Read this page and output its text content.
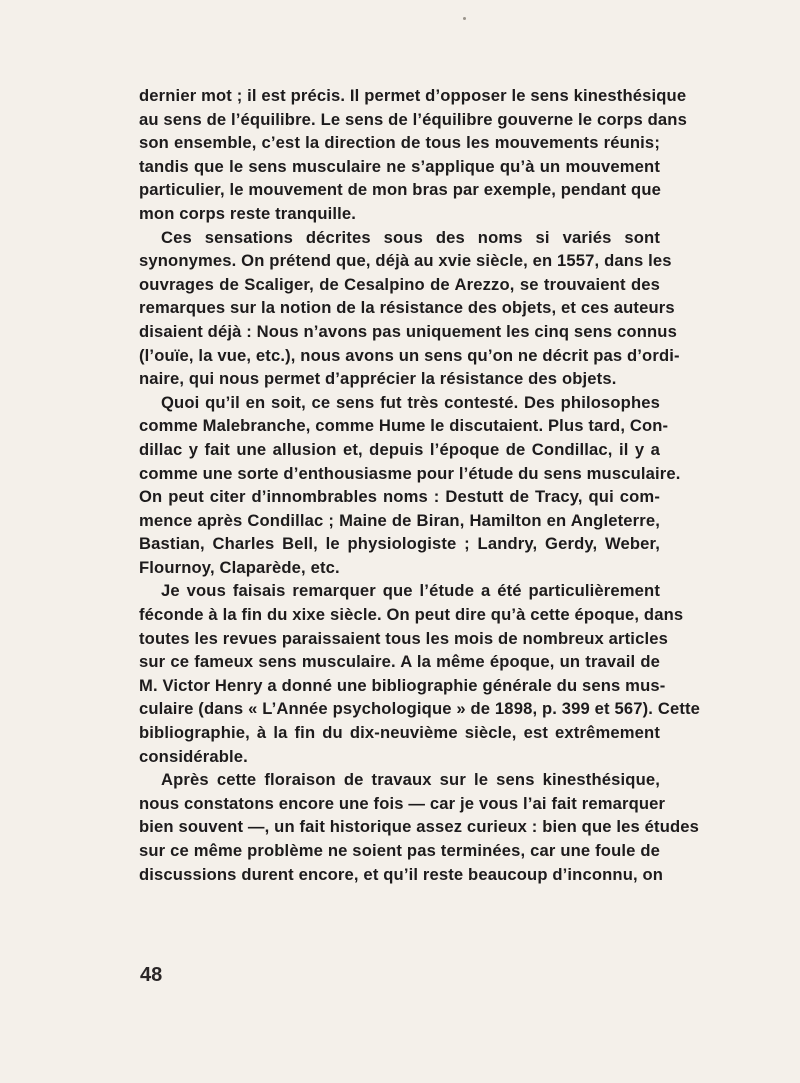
dernier mot ; il est précis. Il permet d’opposer le sens kinesthésique
au sens de l’équilibre. Le sens de l’équilibre gouverne le corps dans
son ensemble, c’est la direction de tous les mouvements réunis;
tandis que le sens musculaire ne s’applique qu’à un mouvement
particulier, le mouvement de mon bras par exemple, pendant que
mon corps reste tranquille.
Ces sensations décrites sous des noms si variés sont
synonymes. On prétend que, déjà au xvie siècle, en 1557, dans les
ouvrages de Scaliger, de Cesalpino de Arezzo, se trouvaient des
remarques sur la notion de la résistance des objets, et ces auteurs
disaient déjà : Nous n’avons pas uniquement les cinq sens connus
(l’ouïe, la vue, etc.), nous avons un sens qu’on ne décrit pas d’ordi-
naire, qui nous permet d’apprécier la résistance des objets.
Quoi qu’il en soit, ce sens fut très contesté. Des philosophes
comme Malebranche, comme Hume le discutaient. Plus tard, Con-
dillac y fait une allusion et, depuis l’époque de Condillac, il y a
comme une sorte d’enthousiasme pour l’étude du sens musculaire.
On peut citer d’innombrables noms : Destutt de Tracy, qui com-
mence après Condillac ; Maine de Biran, Hamilton en Angleterre,
Bastian, Charles Bell, le physiologiste ; Landry, Gerdy, Weber,
Flournoy, Claparède, etc.
Je vous faisais remarquer que l’étude a été particulièrement
féconde à la fin du xixe siècle. On peut dire qu’à cette époque, dans
toutes les revues paraissaient tous les mois de nombreux articles
sur ce fameux sens musculaire. A la même époque, un travail de
M. Victor Henry a donné une bibliographie générale du sens mus-
culaire (dans « L’Année psychologique » de 1898, p. 399 et 567). Cette
bibliographie, à la fin du dix-neuvième siècle, est extrêmement
considérable.
Après cette floraison de travaux sur le sens kinesthésique,
nous constatons encore une fois — car je vous l’ai fait remarquer
bien souvent —, un fait historique assez curieux : bien que les études
sur ce même problème ne soient pas terminées, car une foule de
discussions durent encore, et qu’il reste beaucoup d’inconnu, on
48
